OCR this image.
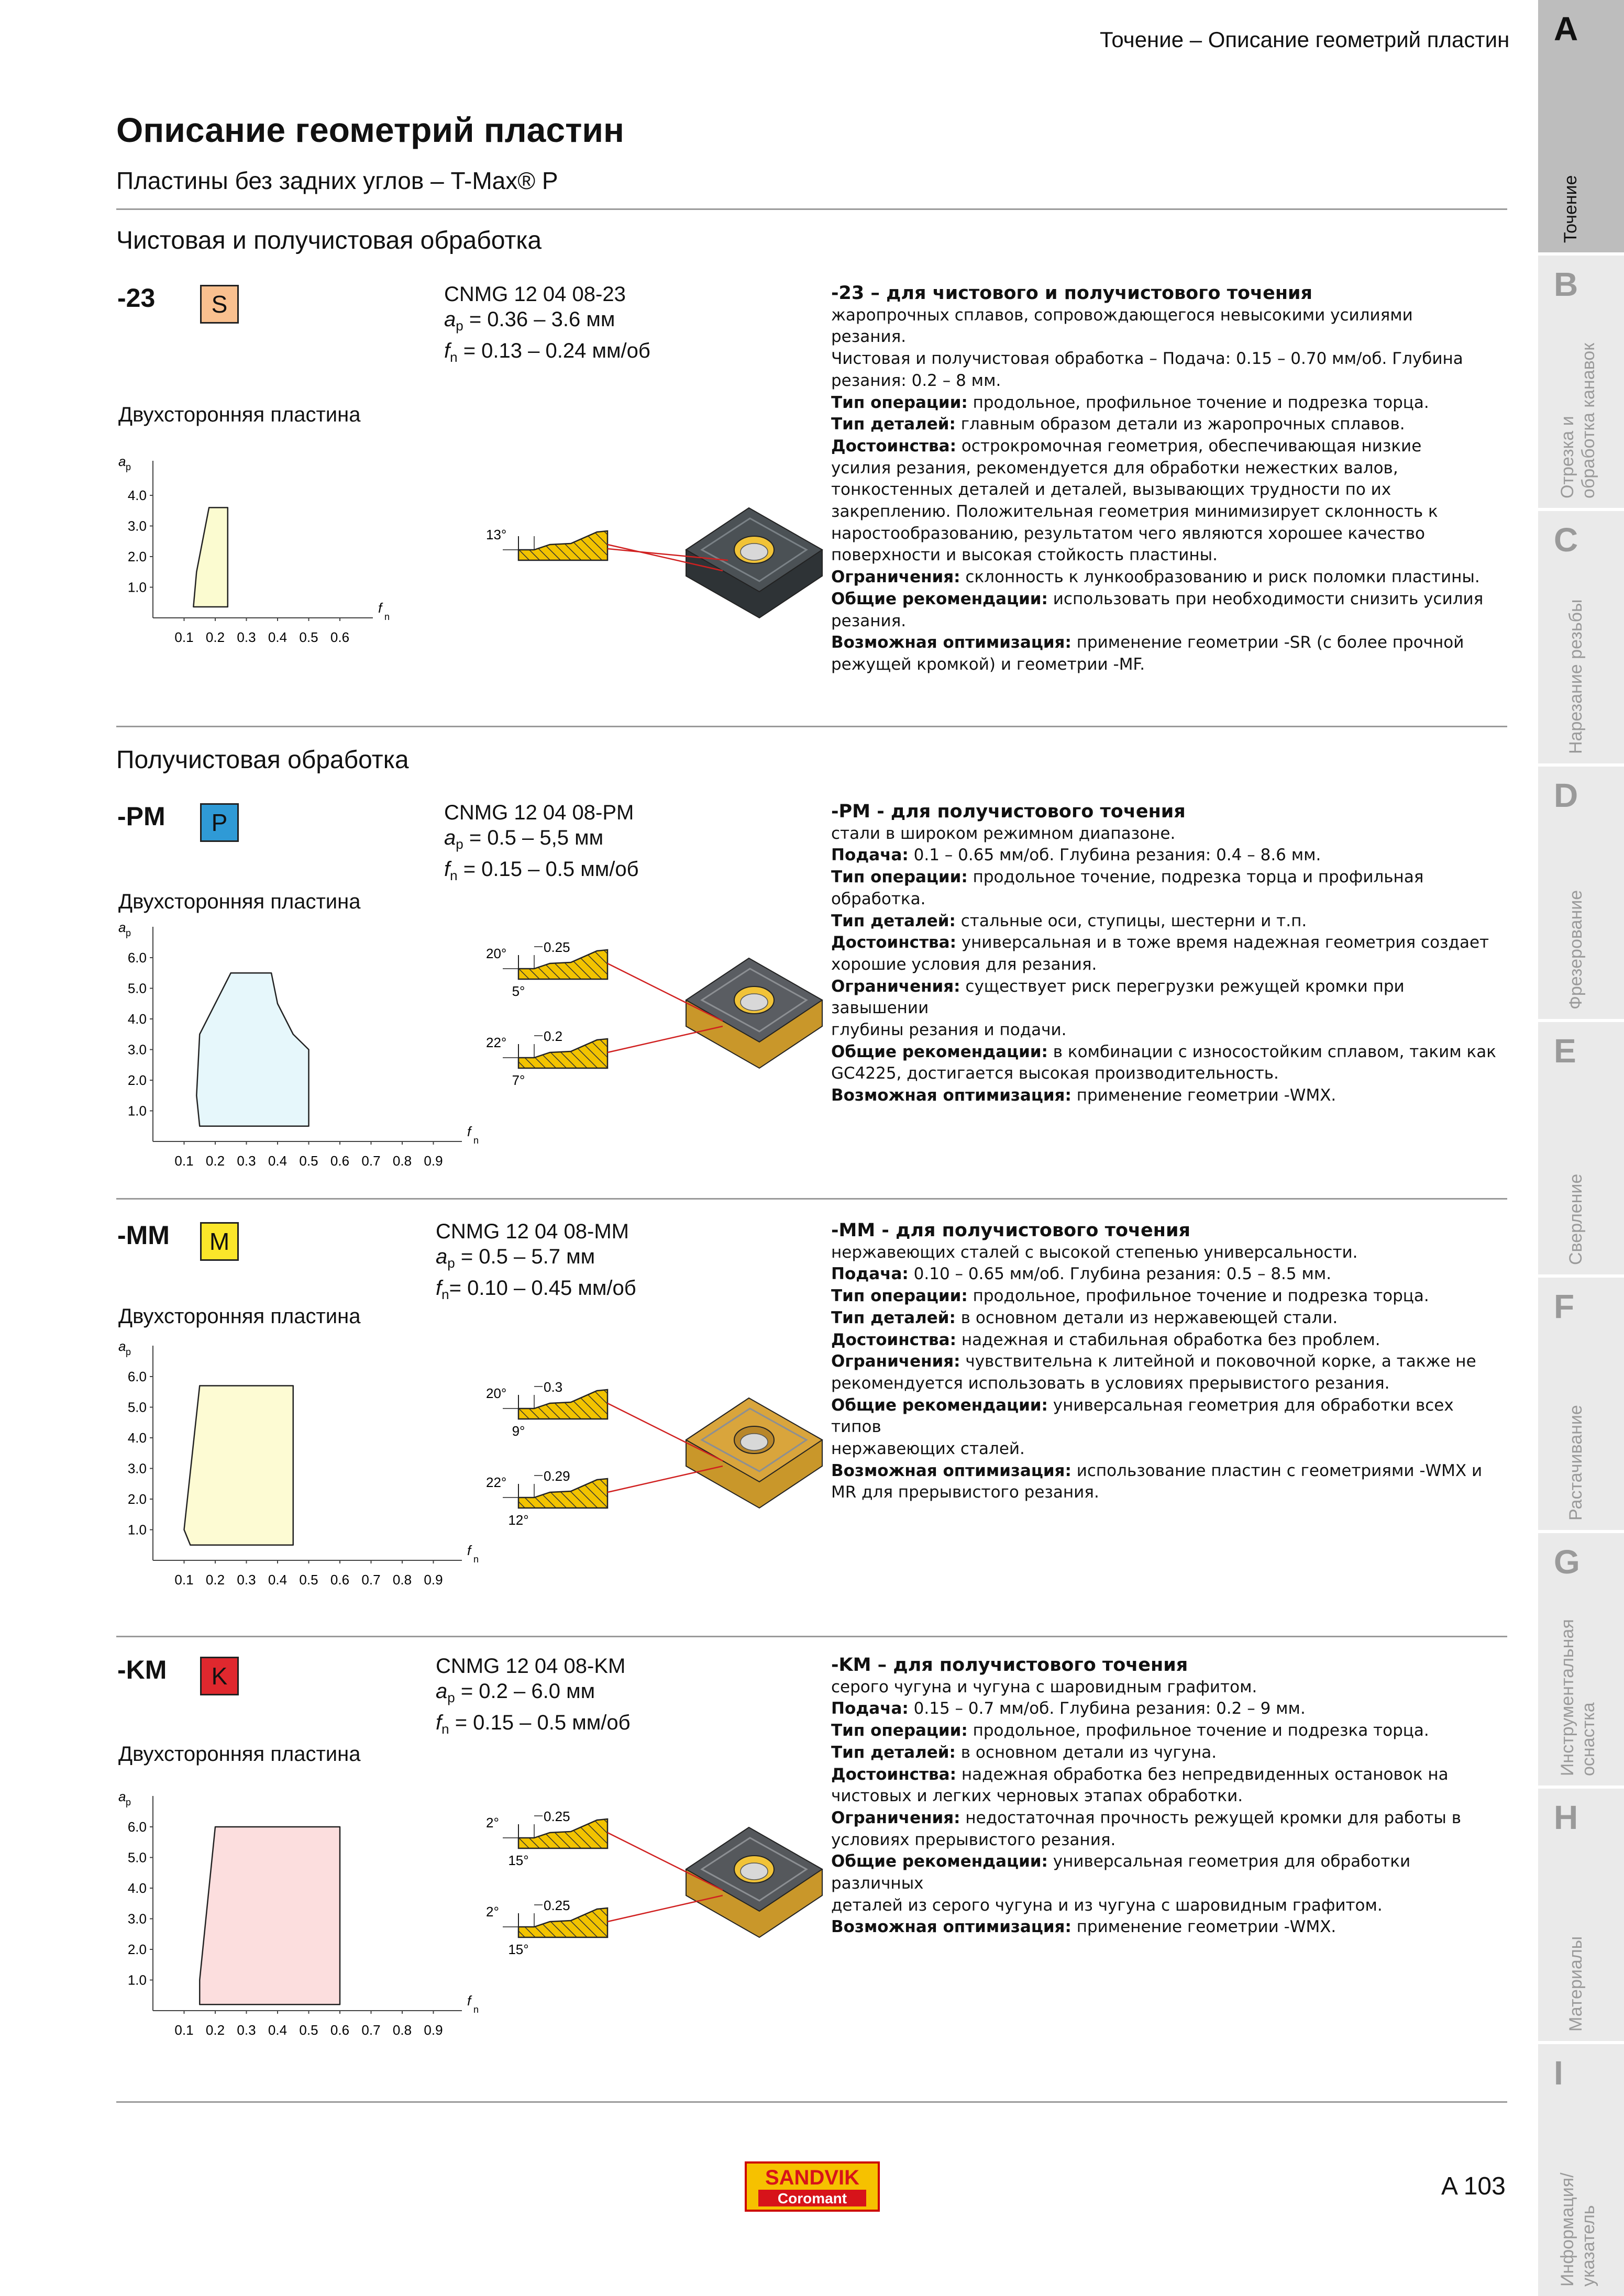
Точение – Описание геометрий пластин
Описание геометрий пластин
Пластины без задних углов – T-Max® P
Чистовая и получистовая обработка
Получистовая обработка
-23	S	CNMG 12 04 08-23
$a_p = 0.36 - 3.6$ мм
$f_n = 0.13 - 0.24$ мм/об
Двухсторонняя пластина

-23 – для чистового и получистового точения

жаропрочных сплавов, сопровождающегося невысокими усилиями

резания.

Чистовая и получистовая обработка – Подача: 0.15 – 0.70 мм/об. Глубина

резания: 0.2 – 8 мм.

Тип операции: продольное, профильное точение и подрезка торца.

Тип деталей: главным образом детали из жаропрочных сплавов.

Достоинства: острокромочная геометрия, обеспечивающая низкие

усилия резания, рекомендуется для обработки нежестких валов,

тонкостенных деталей и деталей, вызывающих трудности по их

закреплению. Положительная геометрия минимизирует склонность к

наростообразованию, результатом чего являются хорошее качество

поверхности и высокая стойкость пластины.

Ограничения: склонность к лункообразованию и риск поломки пластины.

Общие рекомендации: использовать при необходимости снизить усилия

резания.

Возможная оптимизация: применение геометрии -SR (с более прочной

режущей кромкой) и геометрии -MF.

a p
f
n
1.0
2.0
3.0
4.0
0.1 0.2 0.3 0.4 0.5 0.6
13°
-PM	P	CNMG 12 04 08-PM
$a_p = 0.5 - 5,5$ мм
$f_n = 0.15 - 0.5$ мм/об
Двухсторонняя пластина

-PM - для получистового точения

стали в широком режимном диапазоне.

Подача: 0.1 – 0.65 мм/об. Глубина резания: 0.4 – 8.6 мм.

Тип операции: продольное точение, подрезка торца и профильная

обработка.

Тип деталей: стальные оси, ступицы, шестерни и т.п.

Достоинства: универсальная и в тоже время надежная геометрия создает

хорошие условия для резания.

Ограничения: существует риск перегрузки режущей кромки при завышении

глубины резания и подачи.

Общие рекомендации: в комбинации с износостойким сплавом, таким как

GC4225, достигается высокая производительность.

Возможная оптимизация: применение геометрии -WMX.

a p
f
n
1.0
2.0
3.0
4.0
5.0
6.0
0.1 0.2 0.3 0.4 0.5 0.6 0.7 0.8 0.9
20°
5°
0.25
22°
7°
0.2
-MM	M	CNMG 12 04 08-MM
$a_p = 0.5 - 5.7$ мм
$f_n= 0.10 - 0.45$ мм/об
Двухсторонняя пластина

-MM - для получистового точения

нержавеющих сталей с высокой степенью универсальности.

Подача: 0.10 – 0.65 мм/об. Глубина резания: 0.5 – 8.5 мм.

Тип операции: продольное, профильное точение и подрезка торца.

Тип деталей: в основном детали из нержавеющей стали.

Достоинства: надежная и стабильная обработка без проблем.

Ограничения: чувствительна к литейной и поковочной корке, а также не

рекомендуется использовать в условиях прерывистого резания.

Общие рекомендации: универсальная геометрия для обработки всех типов

нержавеющих сталей.

Возможная оптимизация: использование пластин с геометриями -WMX и

MR для прерывистого резания.

a p
f
n
1.0
2.0
3.0
4.0
5.0
6.0
0.1 0.2 0.3 0.4 0.5 0.6 0.7 0.8 0.9
20°
9°
0.3
22°
12°
0.29
-KM	K	CNMG 12 04 08-KM
$a_p = 0.2 - 6.0$ мм
$f_n = 0.15 - 0.5$ мм/об
Двухсторонняя пластина

-KM – для получистового точения

серого чугуна и чугуна с шаровидным графитом.

Подача: 0.15 – 0.7 мм/об. Глубина резания: 0.2 – 9 мм.

Тип операции: продольное, профильное точение и подрезка торца.

Тип деталей: в основном детали из чугуна.

Достоинства: надежная обработка без непредвиденных остановок на

чистовых и легких черновых этапах обработки.

Ограничения: недостаточная прочность режущей кромки для работы в

условиях прерывистого резания.

Общие рекомендации: универсальная геометрия для обработки различных

деталей из серого чугуна и из чугуна с шаровидным графитом.

Возможная оптимизация: применение геометрии -WMX.

a p
f
n
1.0
2.0
3.0
4.0
5.0
6.0
0.1 0.2 0.3 0.4 0.5 0.6 0.7 0.8 0.9
2°
15°
0.25
2°
15°
0.25
A
Точение
B
Отрезка и
обработка канавок
C
Нарезание резьбы
D
Фрезерование
E
Сверление
F
Растачивание
G
Инструментальная
оснастка
H
Материалы
I
Информация/
указатель
SANDVIK
Coromant	A 103
